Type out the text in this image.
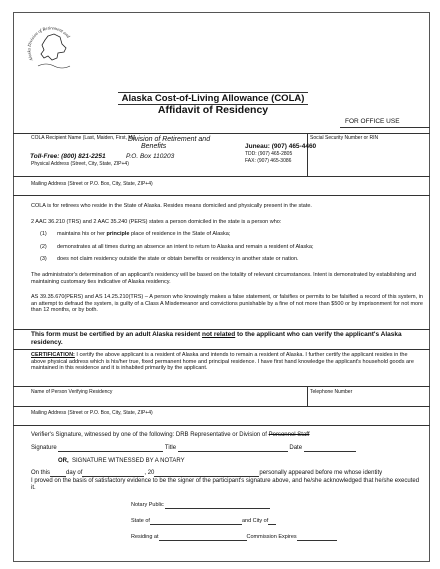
Alaska Division of Retirement and
Alaska Cost-of-Living Allowance (COLA)
Affidavit of Residency
FOR OFFICE USE
COLA Recipient Name (Last, Maiden, First, MI)	Social Security Number or RIN
Division of Retirement and
Benefits	Juneau: (907) 465-4460
TDD: (907) 465-2805
Toll-Free: (800) 821-2251	P.O. Box 110203
FAX: (907) 465-3086
Physical Address (Street, City, State, ZIP+4)
Mailing Address (Street or P.O. Box, City, State, ZIP+4)
COLA is for retirees who reside in the State of Alaska. Resides means domiciled and physically present in the state.
2 AAC 36.210 (TRS) and 2 AAC 35.240 (PERS) states a person domiciled in the state is a person who:
(1) maintains his or her principle place of residence in the State of Alaska;
(2) demonstrates at all times during an absence an intent to return to Alaska and remain a resident of Alaska;
(3) does not claim residency outside the state or obtain benefits or residency in another state or nation.
The administrator's determination of an applicant's residency will be based on the totality of relevant circumstances. Intent is demonstrated by establishing and maintaining customary ties indicative of Alaska residency.
AS 39.35.670(PERS) and AS 14.25.210(TRS) – A person who knowingly makes a false statement, or falsifies or permits to be falsified a record of this system, in an attempt to defraud the system, is guilty of a Class A Misdemeanor and convictions punishable by a fine of not more than $500 or by imprisonment for not more than 12 months, or by both.
This form must be certified by an adult Alaska resident not related to the applicant who can verify the applicant's Alaska residency.
CERTIFICATION: I certify the above applicant is a resident of Alaska and intends to remain a resident of Alaska. I further certify the applicant resides in the above physical address which is his/her true, fixed permanent home and principal residence. I have first hand knowledge the applicant's household goods are maintained in this residence and it is inhabited primarily by the applicant.
Name of Person Verifying Residency	Telephone Number
Mailing Address (Street or P.O. Box, City, State, ZIP+4)
Verifier's Signature, witnessed by one of the following: DRB Representative or Division of Personnel Staff
Signature	Title	Date
OR, SIGNATURE WITNESSED BY A NOTARY
On this	day of	, 20	personally appeared before me whose identity
I proved on the basis of satisfactory evidence to be the signer of the participant's signature above, and he/she acknowledged that he/she executed it.
Notary Public
State of	and City of
Residing at	Commission Expires
